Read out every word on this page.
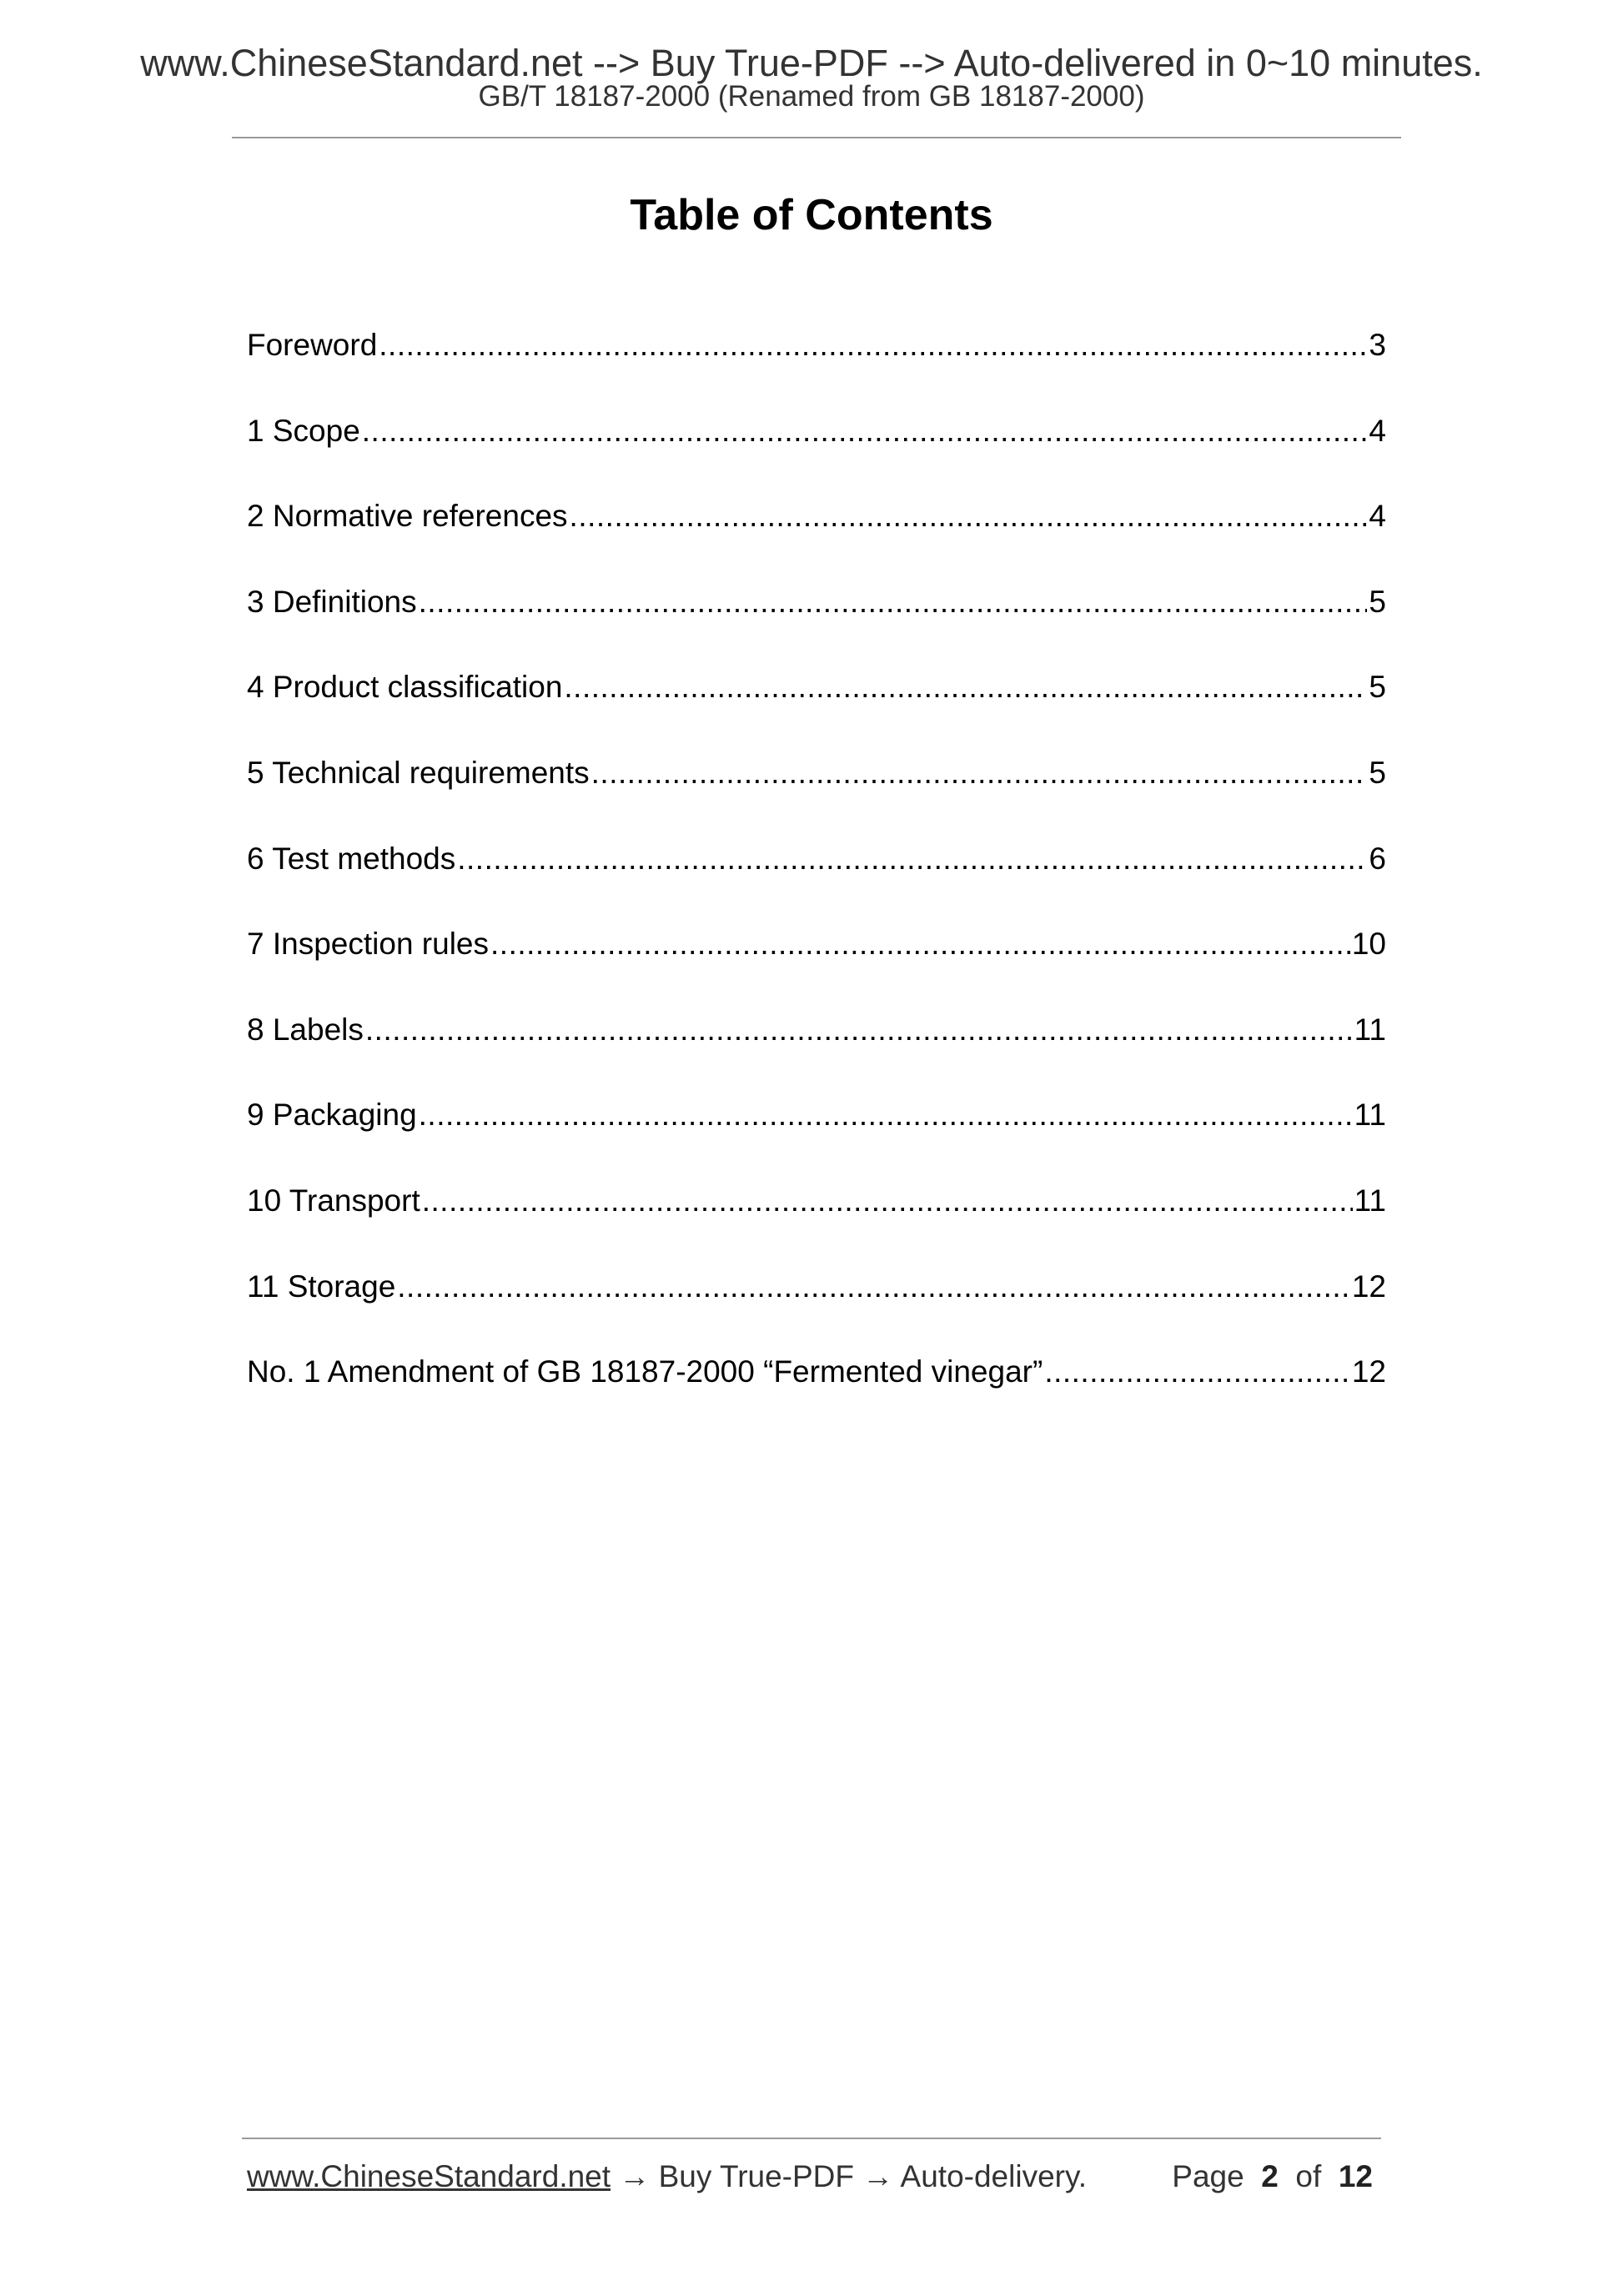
www.ChineseStandard.net --> Buy True-PDF --> Auto-delivered in 0~10 minutes.
GB/T 18187-2000 (Renamed from GB 18187-2000)
Table of Contents
Foreword .....	3
1 Scope .....	4
2 Normative references .....	4
3 Definitions .....	5
4 Product classification .....	5
5 Technical requirements .....	5
6 Test methods .....	6
7 Inspection rules .....	10
8 Labels .....	11
9 Packaging .....	11
10 Transport .....	11
11 Storage .....	12
No. 1 Amendment of GB 18187-2000 “Fermented vinegar” .....	12
www.ChineseStandard.net → Buy True-PDF → Auto-delivery.	Page 2 of 12
